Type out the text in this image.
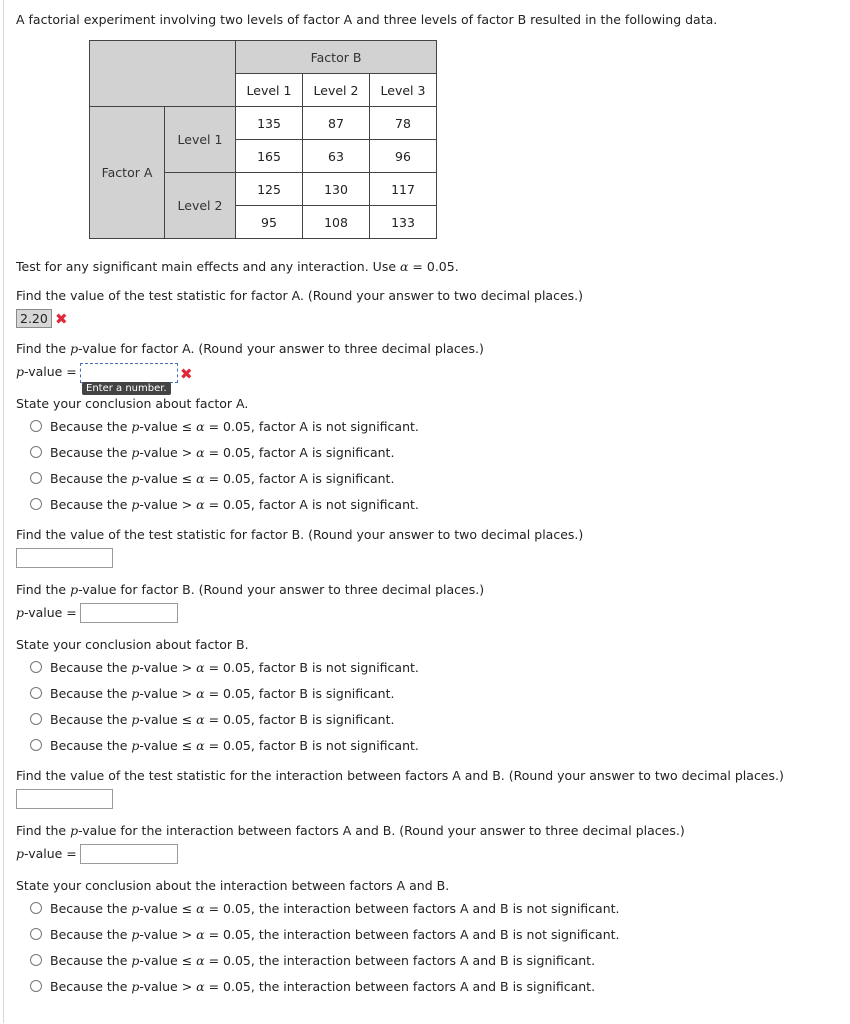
A factorial experiment involving two levels of factor A and three levels of factor B resulted in the following data.
		Factor B		
		Level 1	Level 2	Level 3
Factor A	Level 1	135	87	78
		165	63	96
	Level 2	125	130	117
		95	108	133
Test for any significant main effects and any interaction. Use α = 0.05.
Find the value of the test statistic for factor A. (Round your answer to two decimal places.)
2.20 ✖
Find the p-value for factor A. (Round your answer to three decimal places.)
p-value =	✖
Enter a number.
State your conclusion about factor A.
Because the p-value ≤ α = 0.05, factor A is not significant.
Because the p-value > α = 0.05, factor A is significant.
Because the p-value ≤ α = 0.05, factor A is significant.
Because the p-value > α = 0.05, factor A is not significant.
Find the value of the test statistic for factor B. (Round your answer to two decimal places.)
Find the p-value for factor B. (Round your answer to three decimal places.)
p-value =
State your conclusion about factor B.
Because the p-value > α = 0.05, factor B is not significant.
Because the p-value > α = 0.05, factor B is significant.
Because the p-value ≤ α = 0.05, factor B is significant.
Because the p-value ≤ α = 0.05, factor B is not significant.
Find the value of the test statistic for the interaction between factors A and B. (Round your answer to two decimal places.)
Find the p-value for the interaction between factors A and B. (Round your answer to three decimal places.)
p-value =
State your conclusion about the interaction between factors A and B.
Because the p-value ≤ α = 0.05, the interaction between factors A and B is not significant.
Because the p-value > α = 0.05, the interaction between factors A and B is not significant.
Because the p-value ≤ α = 0.05, the interaction between factors A and B is significant.
Because the p-value > α = 0.05, the interaction between factors A and B is significant.
